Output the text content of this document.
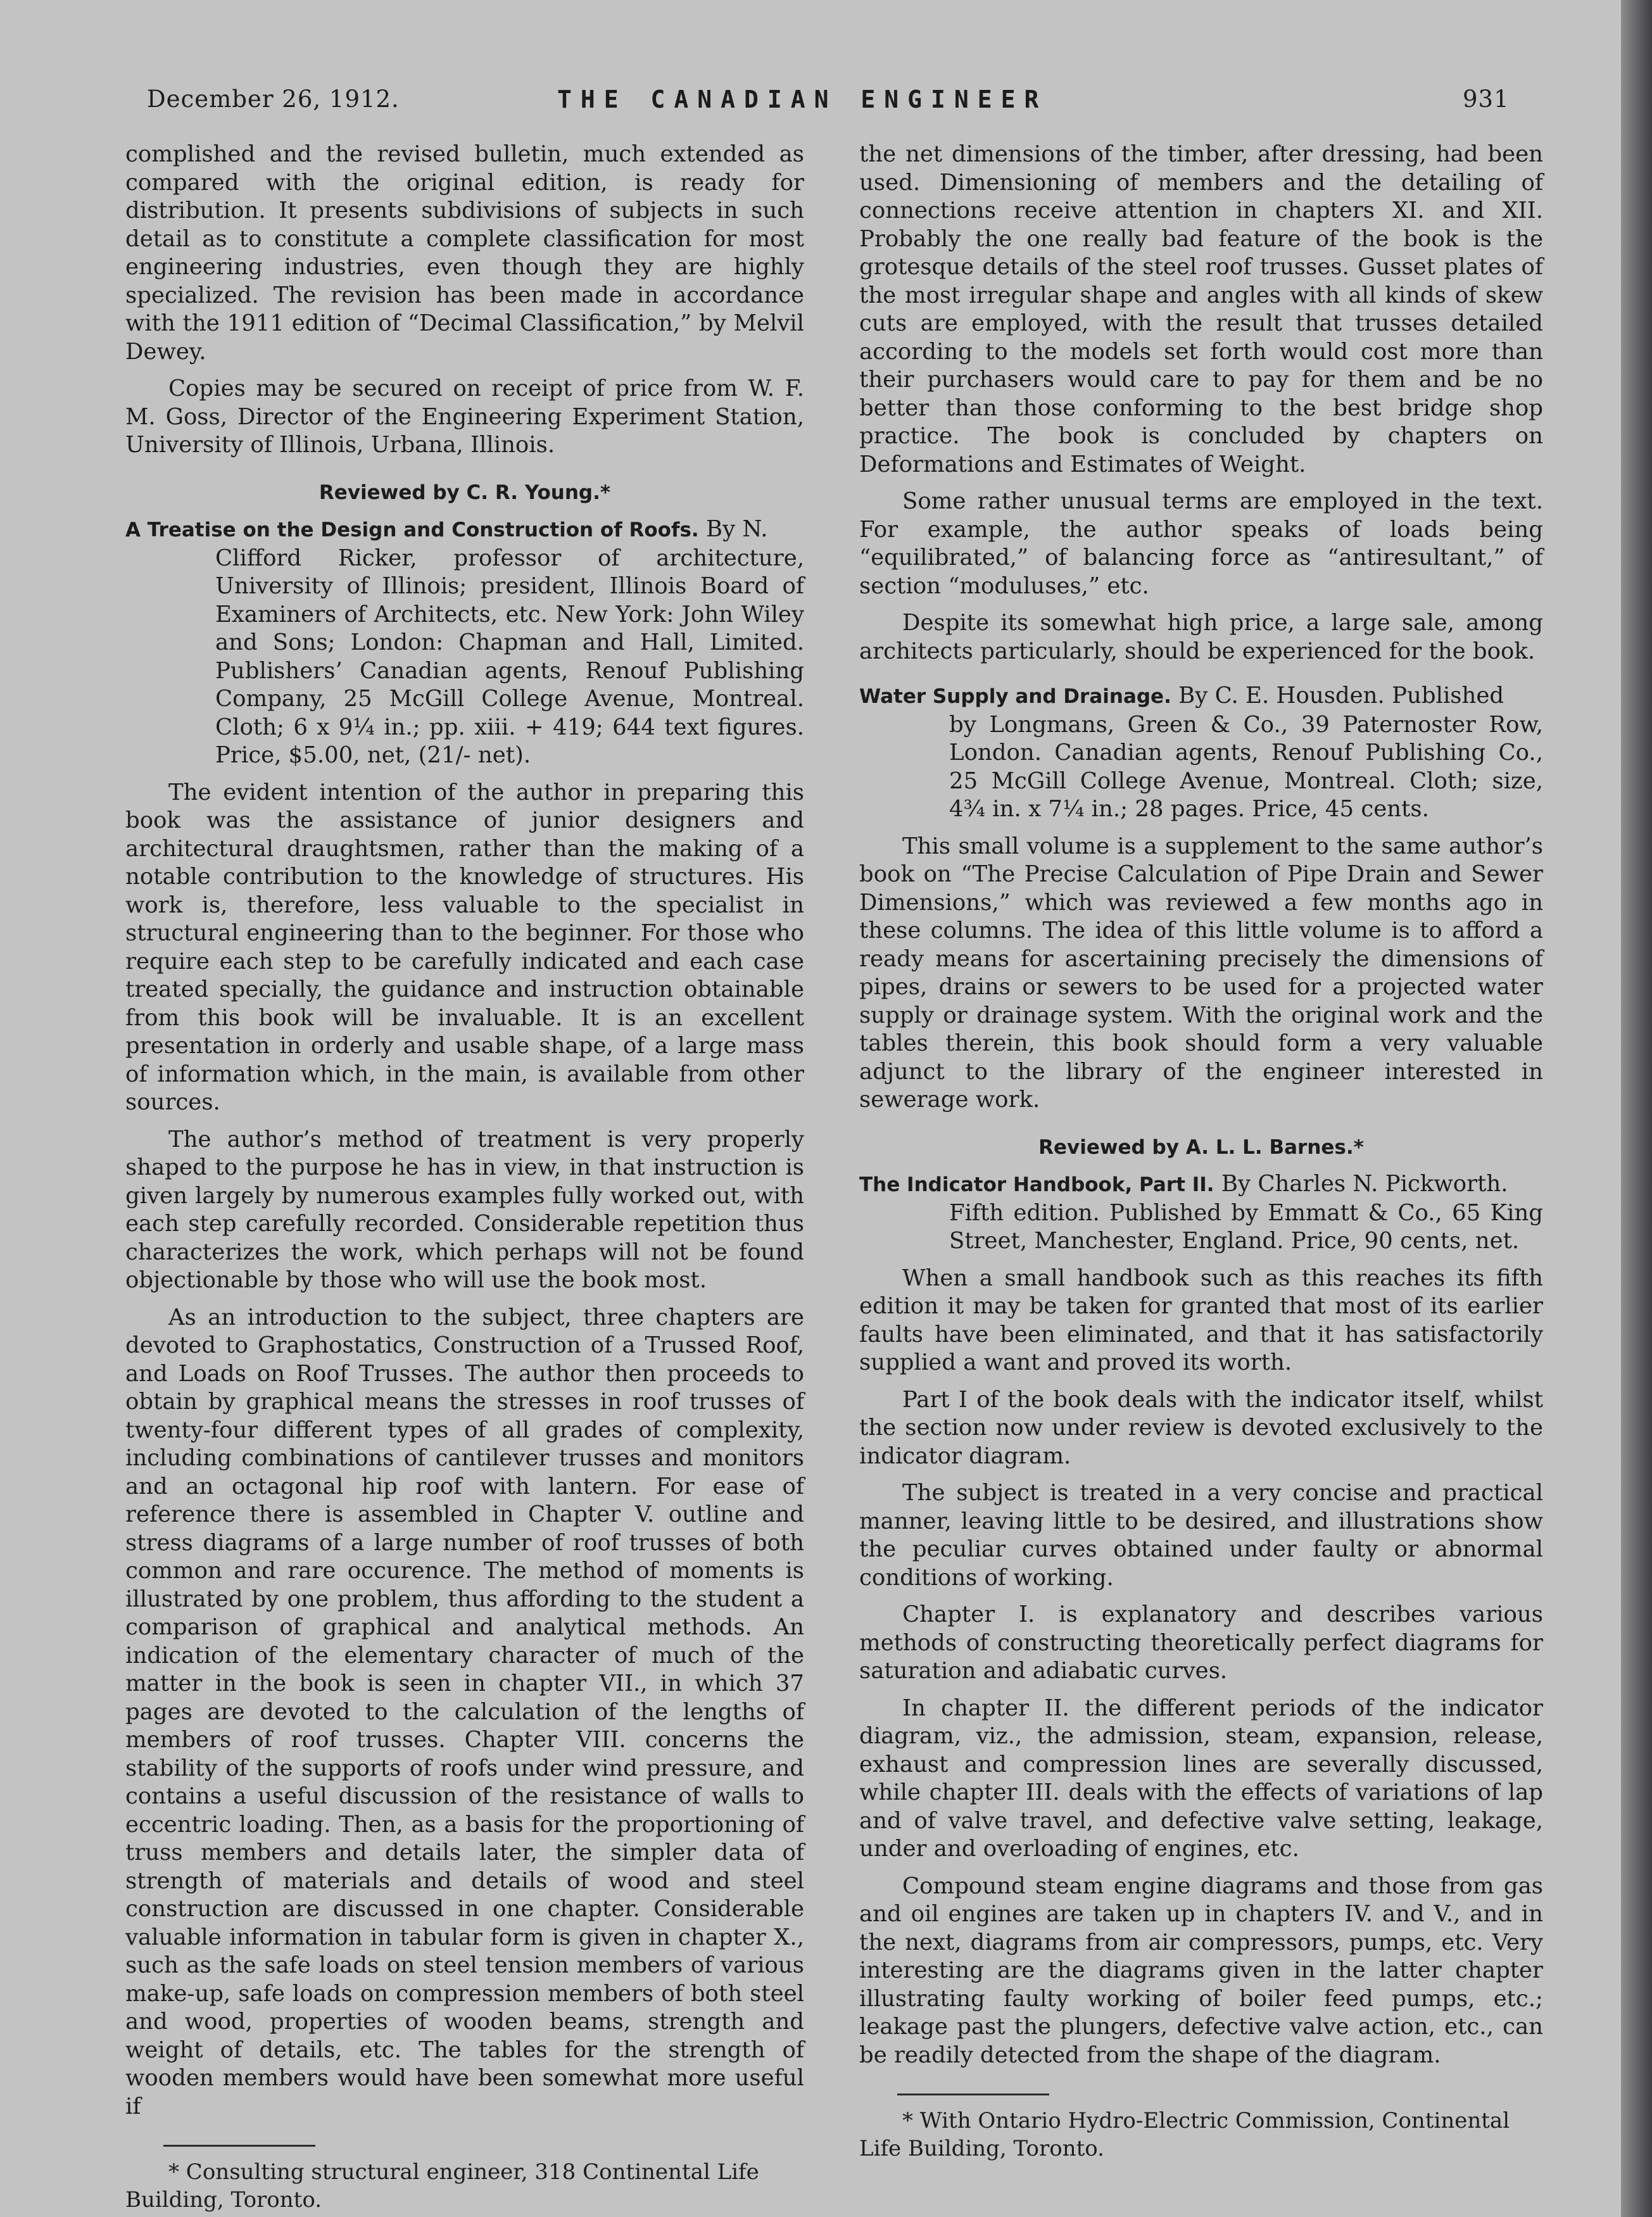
December 26, 1912.	THE CANADIAN ENGINEER	931

complished and the revised bulletin, much extended as compared with the original edition, is ready for distribution. It presents subdivisions of subjects in such detail as to constitute a complete classification for most engineering industries, even though they are highly specialized. The revision has been made in accordance with the 1911 edition of “Decimal Classification,” by Melvil Dewey.

Copies may be secured on receipt of price from W. F. M. Goss, Director of the Engineering Experiment Station, University of Illinois, Urbana, Illinois.

Reviewed by C. R. Young.*

A Treatise on the Design and Construction of Roofs. By N.
Clifford Ricker, professor of architecture, University of Illinois; president, Illinois Board of Examiners of Architects, etc. New York: John Wiley and Sons; London: Chapman and Hall, Limited. Publishers’ Canadian agents, Renouf Publishing Company, 25 McGill College Avenue, Montreal. Cloth; 6 x 9¼ in.; pp. xiii. + 419; 644 text figures. Price, $5.00, net, (21/- net).

The evident intention of the author in preparing this book was the assistance of junior designers and architectural draughtsmen, rather than the making of a notable contribution to the knowledge of structures. His work is, therefore, less valuable to the specialist in structural engineering than to the beginner. For those who require each step to be carefully indicated and each case treated specially, the guidance and instruction obtainable from this book will be invaluable. It is an excellent presentation in orderly and usable shape, of a large mass of information which, in the main, is available from other sources.

The author’s method of treatment is very properly shaped to the purpose he has in view, in that instruction is given largely by numerous examples fully worked out, with each step carefully recorded. Considerable repetition thus characterizes the work, which perhaps will not be found objectionable by those who will use the book most.

As an introduction to the subject, three chapters are devoted to Graphostatics, Construction of a Trussed Roof, and Loads on Roof Trusses. The author then proceeds to obtain by graphical means the stresses in roof trusses of twenty-four different types of all grades of complexity, including combinations of cantilever trusses and monitors and an octagonal hip roof with lantern. For ease of reference there is assembled in Chapter V. outline and stress diagrams of a large number of roof trusses of both common and rare occurence. The method of moments is illustrated by one problem, thus affording to the student a comparison of graphical and analytical methods. An indication of the elementary character of much of the matter in the book is seen in chapter VII., in which 37 pages are devoted to the calculation of the lengths of members of roof trusses. Chapter VIII. concerns the stability of the supports of roofs under wind pressure, and contains a useful discussion of the resistance of walls to eccentric loading. Then, as a basis for the proportioning of truss members and details later, the simpler data of strength of materials and details of wood and steel construction are discussed in one chapter. Considerable valuable information in tabular form is given in chapter X., such as the safe loads on steel tension members of various make-up, safe loads on compression members of both steel and wood, properties of wooden beams, strength and weight of details, etc. The tables for the strength of wooden members would have been somewhat more useful if

* Consulting structural engineer, 318 Continental Life Building, Toronto.

the net dimensions of the timber, after dressing, had been used. Dimensioning of members and the detailing of connections receive attention in chapters XI. and XII. Probably the one really bad feature of the book is the grotesque details of the steel roof trusses. Gusset plates of the most irregular shape and angles with all kinds of skew cuts are employed, with the result that trusses detailed according to the models set forth would cost more than their purchasers would care to pay for them and be no better than those conforming to the best bridge shop practice. The book is concluded by chapters on Deformations and Estimates of Weight.

Some rather unusual terms are employed in the text. For example, the author speaks of loads being “equilibrated,” of balancing force as “antiresultant,” of section “moduluses,” etc.

Despite its somewhat high price, a large sale, among architects particularly, should be experienced for the book.

Water Supply and Drainage. By C. E. Housden. Published
by Longmans, Green & Co., 39 Paternoster Row, London. Canadian agents, Renouf Publishing Co., 25 McGill College Avenue, Montreal. Cloth; size, 4¾ in. x 7¼ in.; 28 pages. Price, 45 cents.

This small volume is a supplement to the same author’s book on “The Precise Calculation of Pipe Drain and Sewer Dimensions,” which was reviewed a few months ago in these columns. The idea of this little volume is to afford a ready means for ascertaining precisely the dimensions of pipes, drains or sewers to be used for a projected water supply or drainage system. With the original work and the tables therein, this book should form a very valuable adjunct to the library of the engineer interested in sewerage work.

Reviewed by A. L. L. Barnes.*

The Indicator Handbook, Part II. By Charles N. Pickworth.
Fifth edition. Published by Emmatt & Co., 65 King Street, Manchester, England. Price, 90 cents, net.

When a small handbook such as this reaches its fifth edition it may be taken for granted that most of its earlier faults have been eliminated, and that it has satisfactorily supplied a want and proved its worth.

Part I of the book deals with the indicator itself, whilst the section now under review is devoted exclusively to the indicator diagram.

The subject is treated in a very concise and practical manner, leaving little to be desired, and illustrations show the peculiar curves obtained under faulty or abnormal conditions of working.

Chapter I. is explanatory and describes various methods of constructing theoretically perfect diagrams for saturation and adiabatic curves.

In chapter II. the different periods of the indicator diagram, viz., the admission, steam, expansion, release, exhaust and compression lines are severally discussed, while chapter III. deals with the effects of variations of lap and of valve travel, and defective valve setting, leakage, under and overloading of engines, etc.

Compound steam engine diagrams and those from gas and oil engines are taken up in chapters IV. and V., and in the next, diagrams from air compressors, pumps, etc. Very interesting are the diagrams given in the latter chapter illustrating faulty working of boiler feed pumps, etc.; leakage past the plungers, defective valve action, etc., can be readily detected from the shape of the diagram.

* With Ontario Hydro-Electric Commission, Continental Life Building, Toronto.
